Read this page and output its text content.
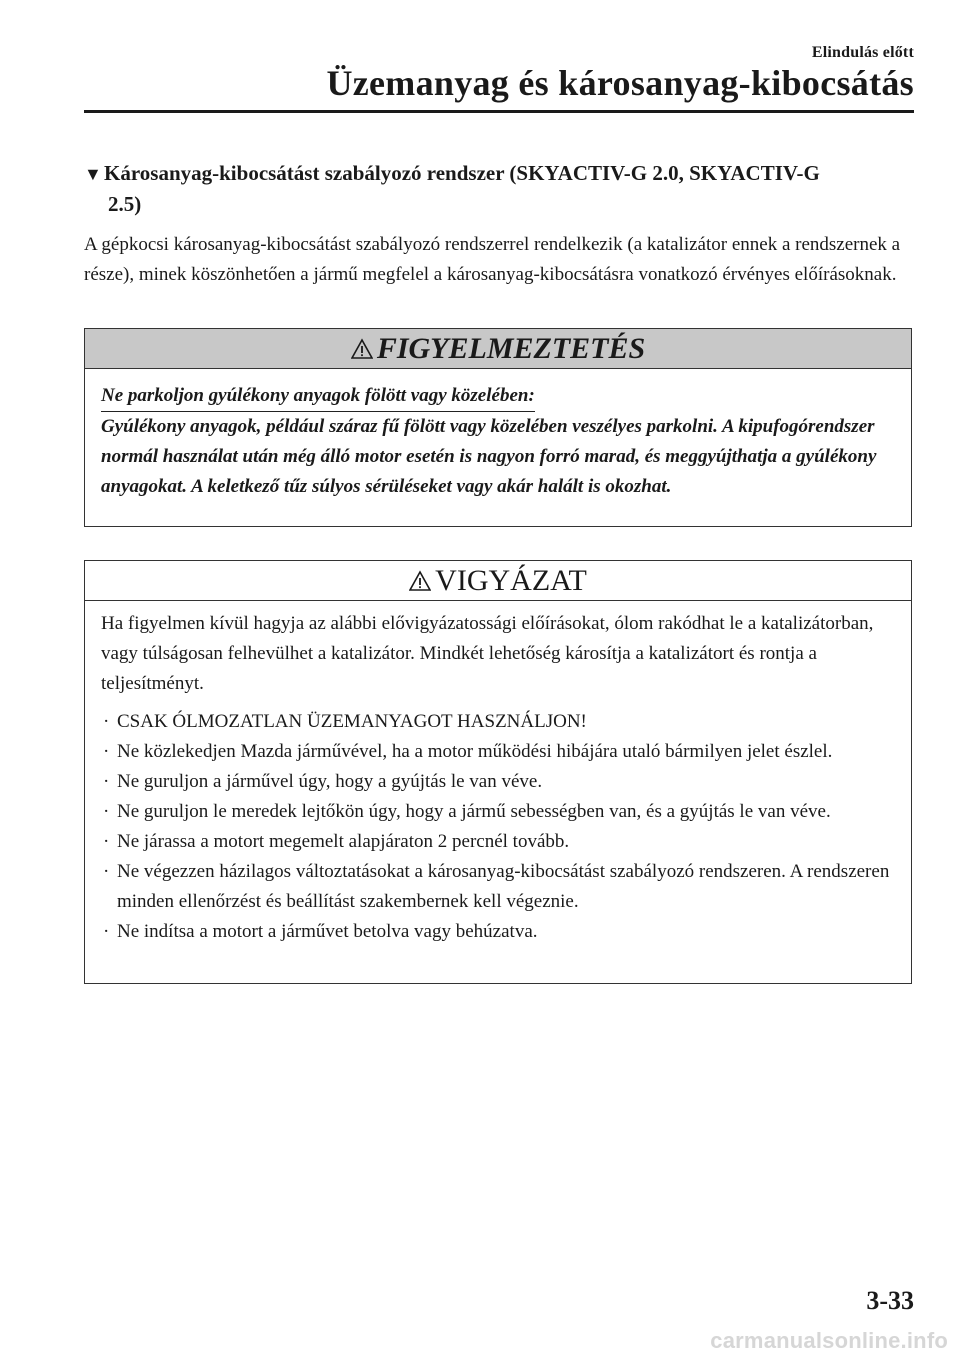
Elindulás előtt
Üzemanyag és károsanyag-kibocsátás
▼ Károsanyag-kibocsátást szabályozó rendszer (SKYACTIV-G 2.0, SKYACTIV-G
2.5)

A gépkocsi károsanyag-kibocsátást szabályozó rendszerrel rendelkezik (a katalizátor ennek a rendszernek a része), minek köszönhetően a jármű megfelel a károsanyag-kibocsátásra vonatkozó érvényes előírásoknak.

FIGYELMEZTETÉS
Ne parkoljon gyúlékony anyagok fölött vagy közelében:

Gyúlékony anyagok, például száraz fű fölött vagy közelében veszélyes parkolni. A kipufogórendszer normál használat után még álló motor esetén is nagyon forró marad, és meggyújthatja a gyúlékony anyagokat. A keletkező tűz súlyos sérüléseket vagy akár halált is okozhat.

VIGYÁZAT

Ha figyelmen kívül hagyja az alábbi elővigyázatossági előírásokat, ólom rakódhat le a katalizátorban, vagy túlságosan felhevülhet a katalizátor. Mindkét lehetőség károsítja a katalizátort és rontja a teljesítményt.

· CSAK ÓLMOZATLAN ÜZEMANYAGOT HASZNÁLJON!
· Ne közlekedjen Mazda járművével, ha a motor működési hibájára utaló bármilyen jelet észlel.
· Ne guruljon a járművel úgy, hogy a gyújtás le van véve.
· Ne guruljon le meredek lejtőkön úgy, hogy a jármű sebességben van, és a gyújtás le van véve.
· Ne járassa a motort megemelt alapjáraton 2 percnél tovább.
· Ne végezzen házilagos változtatásokat a károsanyag-kibocsátást szabályozó rendszeren. A rendszeren minden ellenőrzést és beállítást szakembernek kell végeznie.
· Ne indítsa a motort a járművet betolva vagy behúzatva.
3-33
carmanualsonline.info
